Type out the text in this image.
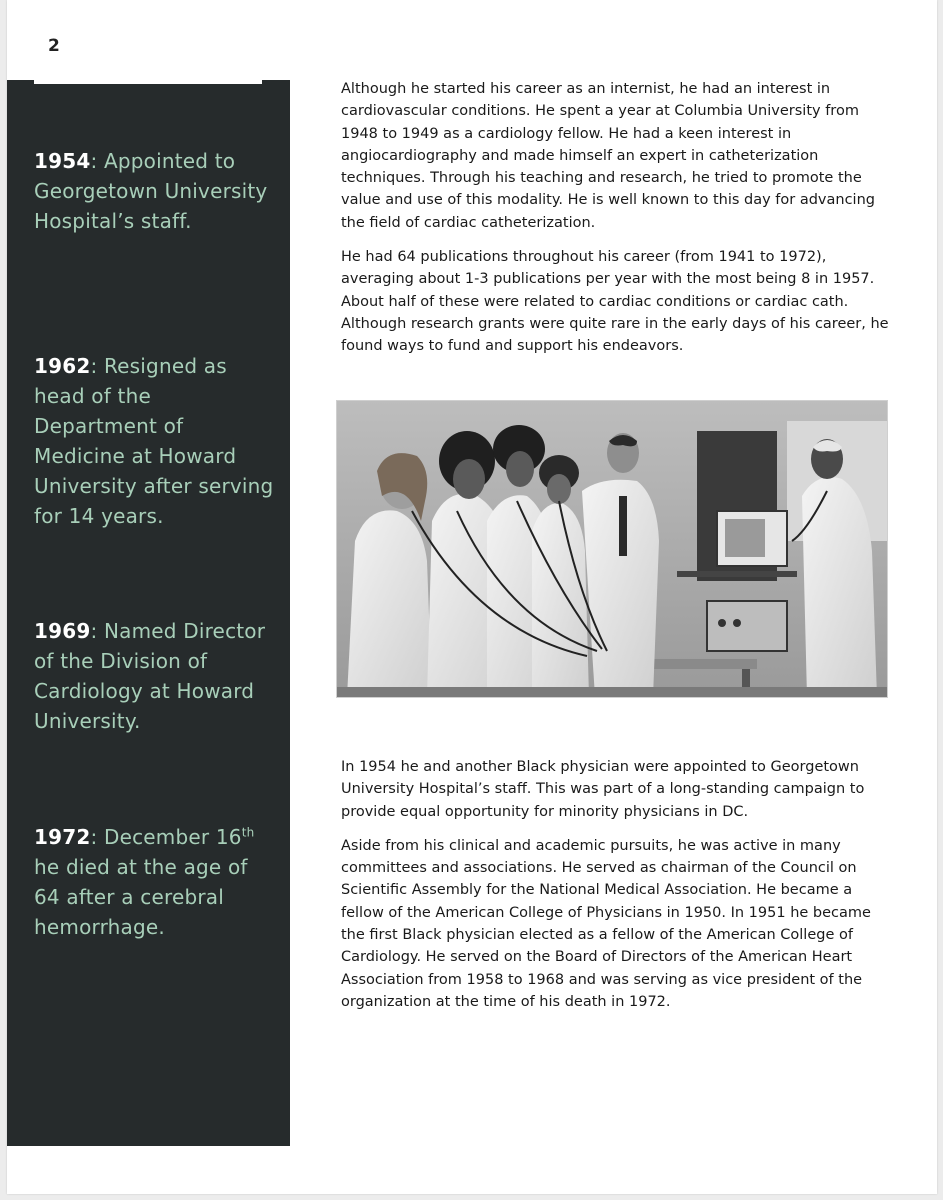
2
1954: Appointed to Georgetown University Hospital’s staff.
1962: Resigned as head of the Department of Medicine at Howard University after serving for 14 years.
1969: Named Director of the Division of Cardiology at Howard University.
1972: December 16th he died at the age of 64 after a cerebral hemorrhage.

Although he started his career as an internist, he had an interest in cardiovascular conditions. He spent a year at Columbia University from 1948 to 1949 as a cardiology fellow. He had a keen interest in angiocardiography and made himself an expert in catheterization techniques. Through his teaching and research, he tried to promote the value and use of this modality. He is well known to this day for advancing the field of cardiac catheterization.

He had 64 publications throughout his career (from 1941 to 1972), averaging about 1-3 publications per year with the most being 8 in 1957. About half of these were related to cardiac conditions or cardiac cath. Although research grants were quite rare in the early days of his career, he found ways to fund and support his endeavors.

In 1954 he and another Black physician were appointed to Georgetown University Hospital’s staff. This was part of a long-standing campaign to provide equal opportunity for minority physicians in DC.

Aside from his clinical and academic pursuits, he was active in many committees and associations. He served as chairman of the Council on Scientific Assembly for the National Medical Association. He became a fellow of the American College of Physicians in 1950. In 1951 he became the first Black physician elected as a fellow of the American College of Cardiology. He served on the Board of Directors of the American Heart Association from 1958 to 1968 and was serving as vice president of the organization at the time of his death in 1972.
